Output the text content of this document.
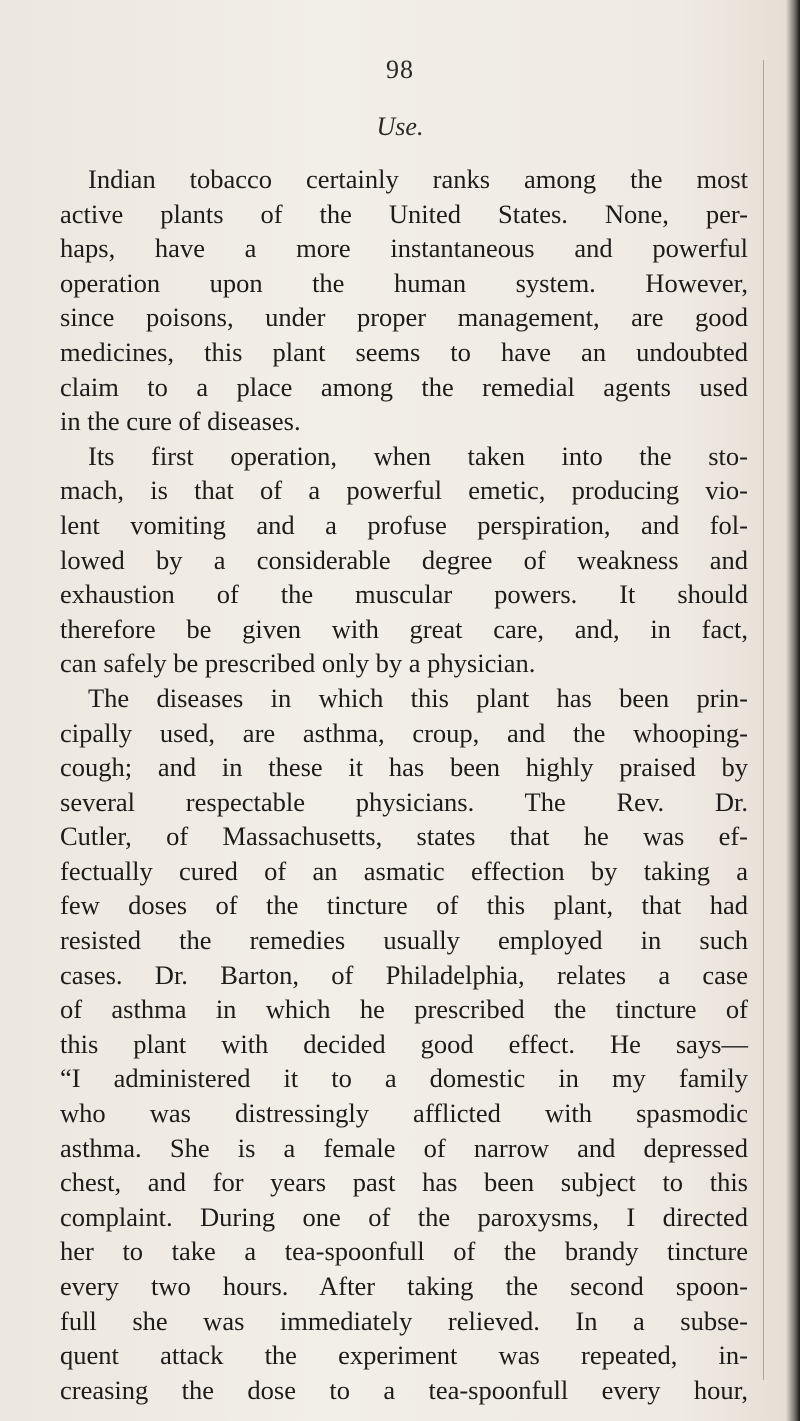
98
Use.
Indian tobacco certainly ranks among the most
active plants of the United States. None, per-
haps, have a more instantaneous and powerful
operation upon the human system. However,
since poisons, under proper management, are good
medicines, this plant seems to have an undoubted
claim to a place among the remedial agents used
in the cure of diseases.
Its first operation, when taken into the sto-
mach, is that of a powerful emetic, producing vio-
lent vomiting and a profuse perspiration, and fol-
lowed by a considerable degree of weakness and
exhaustion of the muscular powers. It should
therefore be given with great care, and, in fact,
can safely be prescribed only by a physician.
The diseases in which this plant has been prin-
cipally used, are asthma, croup, and the whooping-
cough; and in these it has been highly praised by
several respectable physicians. The Rev. Dr.
Cutler, of Massachusetts, states that he was ef-
fectually cured of an asmatic effection by taking a
few doses of the tincture of this plant, that had
resisted the remedies usually employed in such
cases. Dr. Barton, of Philadelphia, relates a case
of asthma in which he prescribed the tincture of
this plant with decided good effect. He says—
“I administered it to a domestic in my family
who was distressingly afflicted with spasmodic
asthma. She is a female of narrow and depressed
chest, and for years past has been subject to this
complaint. During one of the paroxysms, I directed
her to take a tea-spoonfull of the brandy tincture
every two hours. After taking the second spoon-
full she was immediately relieved. In a subse-
quent attack the experiment was repeated, in-
creasing the dose to a tea-spoonfull every hour,
